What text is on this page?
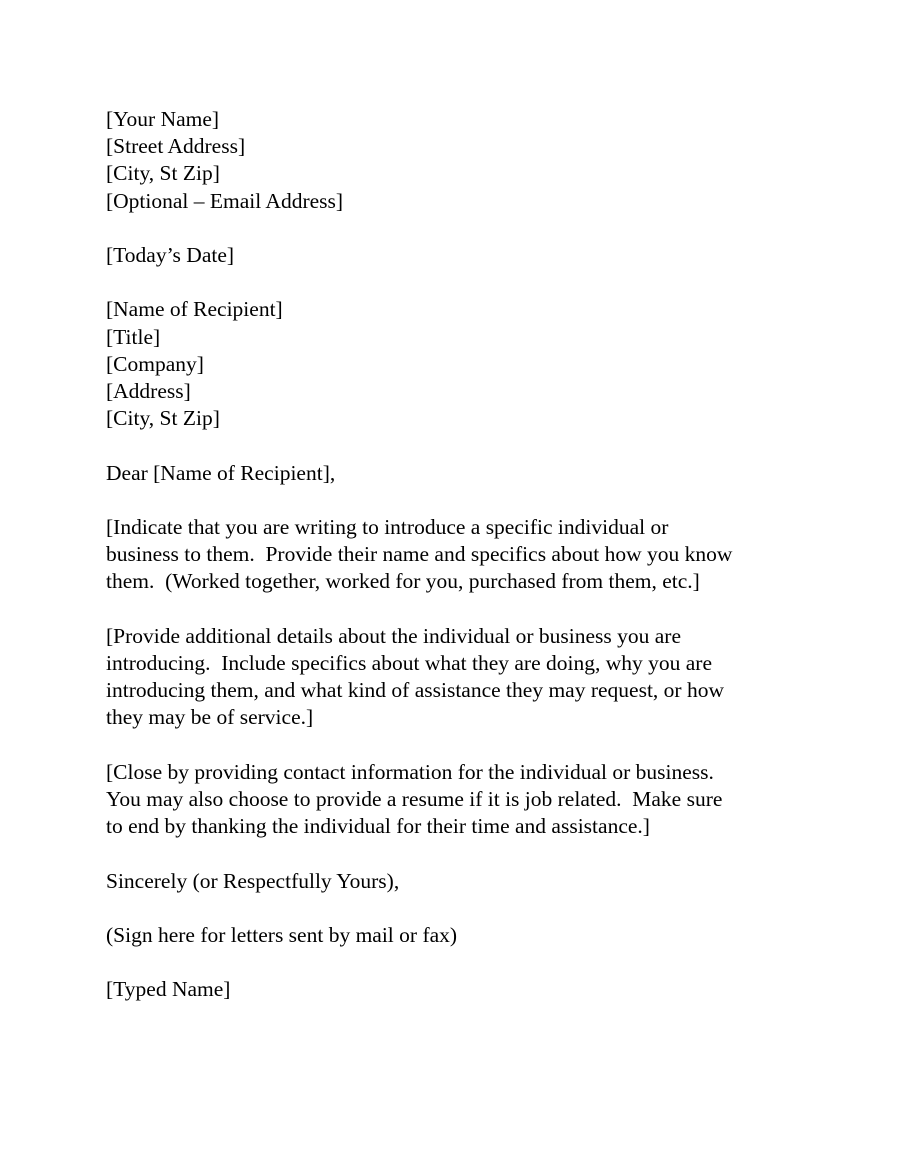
[Your Name]
[Street Address]
[City, St Zip]
[Optional – Email Address]
[Today’s Date]
[Name of Recipient]
[Title]
[Company]
[Address]
[City, St Zip]
Dear [Name of Recipient],
[Indicate that you are writing to introduce a specific individual or
business to them.  Provide their name and specifics about how you know
them.  (Worked together, worked for you, purchased from them, etc.]
[Provide additional details about the individual or business you are
introducing.  Include specifics about what they are doing, why you are
introducing them, and what kind of assistance they may request, or how
they may be of service.]
[Close by providing contact information for the individual or business.
You may also choose to provide a resume if it is job related.  Make sure
to end by thanking the individual for their time and assistance.]
Sincerely (or Respectfully Yours),
(Sign here for letters sent by mail or fax)
[Typed Name]
